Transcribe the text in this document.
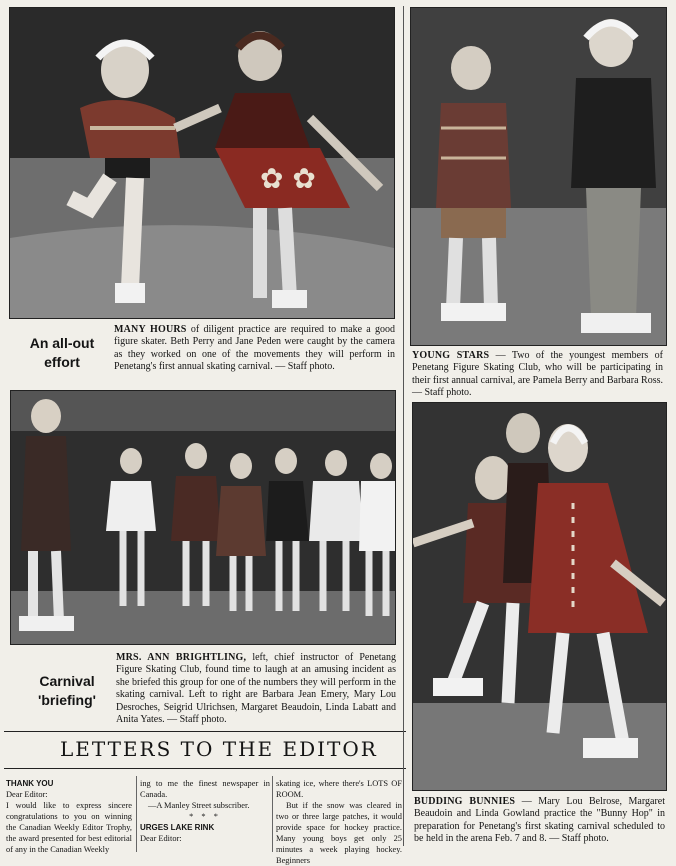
✿ ✿
An all-out
effort

MANY HOURS of diligent practice are required to make a good figure skater. Beth Perry and Jane Peden were caught by the camera as they worked on one of the movements they will perform in Penetang's first annual skating carnival. — Staff photo.

YOUNG STARS — Two of the youngest members of Penetang Figure Skating Club, who will be participating in their first annual carnival, are Pamela Berry and Barbara Ross. — Staff photo.

Carnival
'briefing'

MRS. ANN BRIGHTLING, left, chief instructor of Penetang Figure Skating Club, found time to laugh at an amusing incident as she briefed this group for one of the numbers they will perform in the skating carnival. Left to right are Barbara Jean Emery, Mary Lou Desroches, Seigrid Ulrichsen, Margaret Beaudoin, Linda Labatt and Anita Yates. — Staff photo.

BUDDING BUNNIES — Mary Lou Belrose, Margaret Beaudoin and Linda Gowland practice the "Bunny Hop" in preparation for Penetang's first skating carnival scheduled to be held in the arena Feb. 7 and 8. — Staff photo.

LETTERS TO THE EDITOR
THANK YOU
Dear Editor:
I would like to express sincere congratulations to you on winning the Canadian Weekly Editor Trophy, the award presented for best editorial of any in the Canadian Weekly
ing to me the finest newspaper in Canada.
—A Manley Street subscriber.
* * *
URGES LAKE RINK
Dear Editor:
skating ice, where there's LOTS OF ROOM.
But if the snow was cleared in two or three large patches, it would provide space for hockey practice. Many young boys get only 25 minutes a week playing hockey. Beginners
